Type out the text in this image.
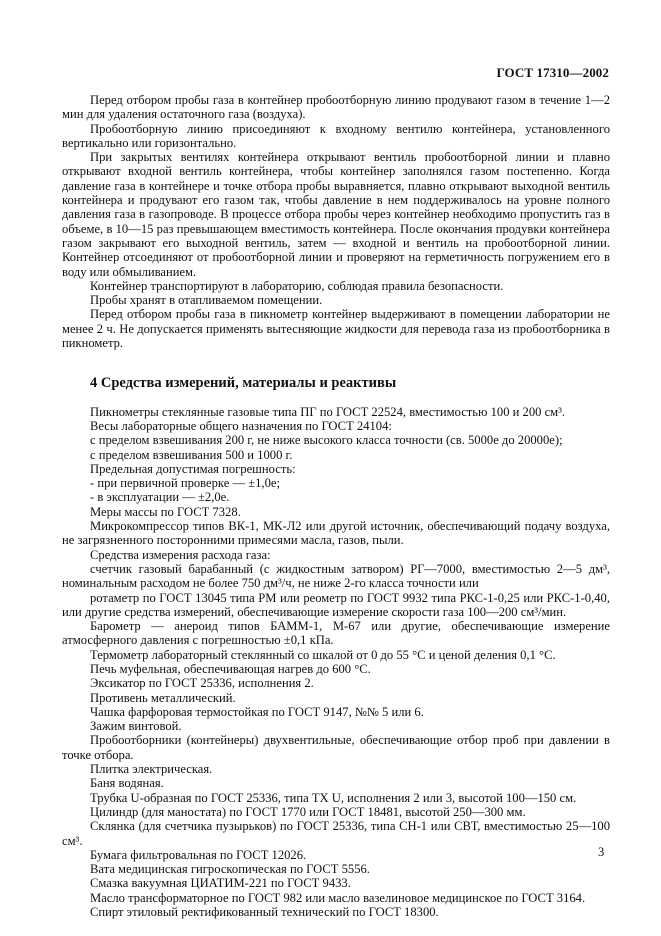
ГОСТ 17310—2002

Перед отбором пробы газа в контейнер пробоотборную линию продувают газом в течение 1—2 мин для удаления остаточного газа (воздуха).

Пробоотборную линию присоединяют к входному вентилю контейнера, установленного вертикально или горизонтально.

При закрытых вентилях контейнера открывают вентиль пробоотборной линии и плавно открывают входной вентиль контейнера, чтобы контейнер заполнялся газом постепенно. Когда давление газа в контейнере и точке отбора пробы выравняется, плавно открывают выходной вентиль контейнера и продувают его газом так, чтобы давление в нем поддерживалось на уровне полного давления газа в газопроводе. В процессе отбора пробы через контейнер необходимо пропустить газ в объеме, в 10—15 раз превышающем вместимость контейнера. После окончания продувки контейнера газом закрывают его выходной вентиль, затем — входной и вентиль на пробоотборной линии. Контейнер отсоединяют от пробоотборной линии и проверяют на герметичность погружением его в воду или обмыливанием.

Контейнер транспортируют в лабораторию, соблюдая правила безопасности.

Пробы хранят в отапливаемом помещении.

Перед отбором пробы газа в пикнометр контейнер выдерживают в помещении лаборатории не менее 2 ч. Не допускается применять вытесняющие жидкости для перевода газа из пробоотборника в пикнометр.

4 Средства измерений, материалы и реактивы

Пикнометры стеклянные газовые типа ПГ по ГОСТ 22524, вместимостью 100 и 200 см³.

Весы лабораторные общего назначения по ГОСТ 24104:

с пределом взвешивания 200 г, не ниже высокого класса точности (св. 5000e до 20000e);

с пределом взвешивания 500 и 1000 г.

Предельная допустимая погрешность:

- при первичной проверке — ±1,0e;

- в эксплуатации — ±2,0e.

Меры массы по ГОСТ 7328.

Микрокомпрессор типов ВК-1, МК-Л2 или другой источник, обеспечивающий подачу воздуха, не загрязненного посторонними примесями масла, газов, пыли.

Средства измерения расхода газа:

счетчик газовый барабанный (с жидкостным затвором) РГ—7000, вместимостью 2—5 дм³, номинальным расходом не более 750 дм³/ч, не ниже 2-го класса точности или

ротаметр по ГОСТ 13045 типа РМ или реометр по ГОСТ 9932 типа РКС-1-0,25 или РКС-1-0,40, или другие средства измерений, обеспечивающие измерение скорости газа 100—200 см³/мин.

Барометр — анероид типов БАММ-1, М-67 или другие, обеспечивающие измерение атмосферного давления с погрешностью ±0,1 кПа.

Термометр лабораторный стеклянный со шкалой от 0 до 55 °С и ценой деления 0,1 °С.

Печь муфельная, обеспечивающая нагрев до 600 °С.

Эксикатор по ГОСТ 25336, исполнения 2.

Противень металлический.

Чашка фарфоровая термостойкая по ГОСТ 9147, №№ 5 или 6.

Зажим винтовой.

Пробоотборники (контейнеры) двухвентильные, обеспечивающие отбор проб при давлении в точке отбора.

Плитка электрическая.

Баня водяная.

Трубка U-образная по ГОСТ 25336, типа ТХ U, исполнения 2 или 3, высотой 100—150 см.

Цилиндр (для маностата) по ГОСТ 1770 или ГОСТ 18481, высотой 250—300 мм.

Склянка (для счетчика пузырьков) по ГОСТ 25336, типа СН-1 или СВТ, вместимостью 25—100 см³.

Бумага фильтровальная по ГОСТ 12026.

Вата медицинская гигроскопическая по ГОСТ 5556.

Смазка вакуумная ЦИАТИМ-221 по ГОСТ 9433.

Масло трансформаторное по ГОСТ 982 или масло вазелиновое медицинское по ГОСТ 3164.

Спирт этиловый ректификованный технический по ГОСТ 18300.

3
